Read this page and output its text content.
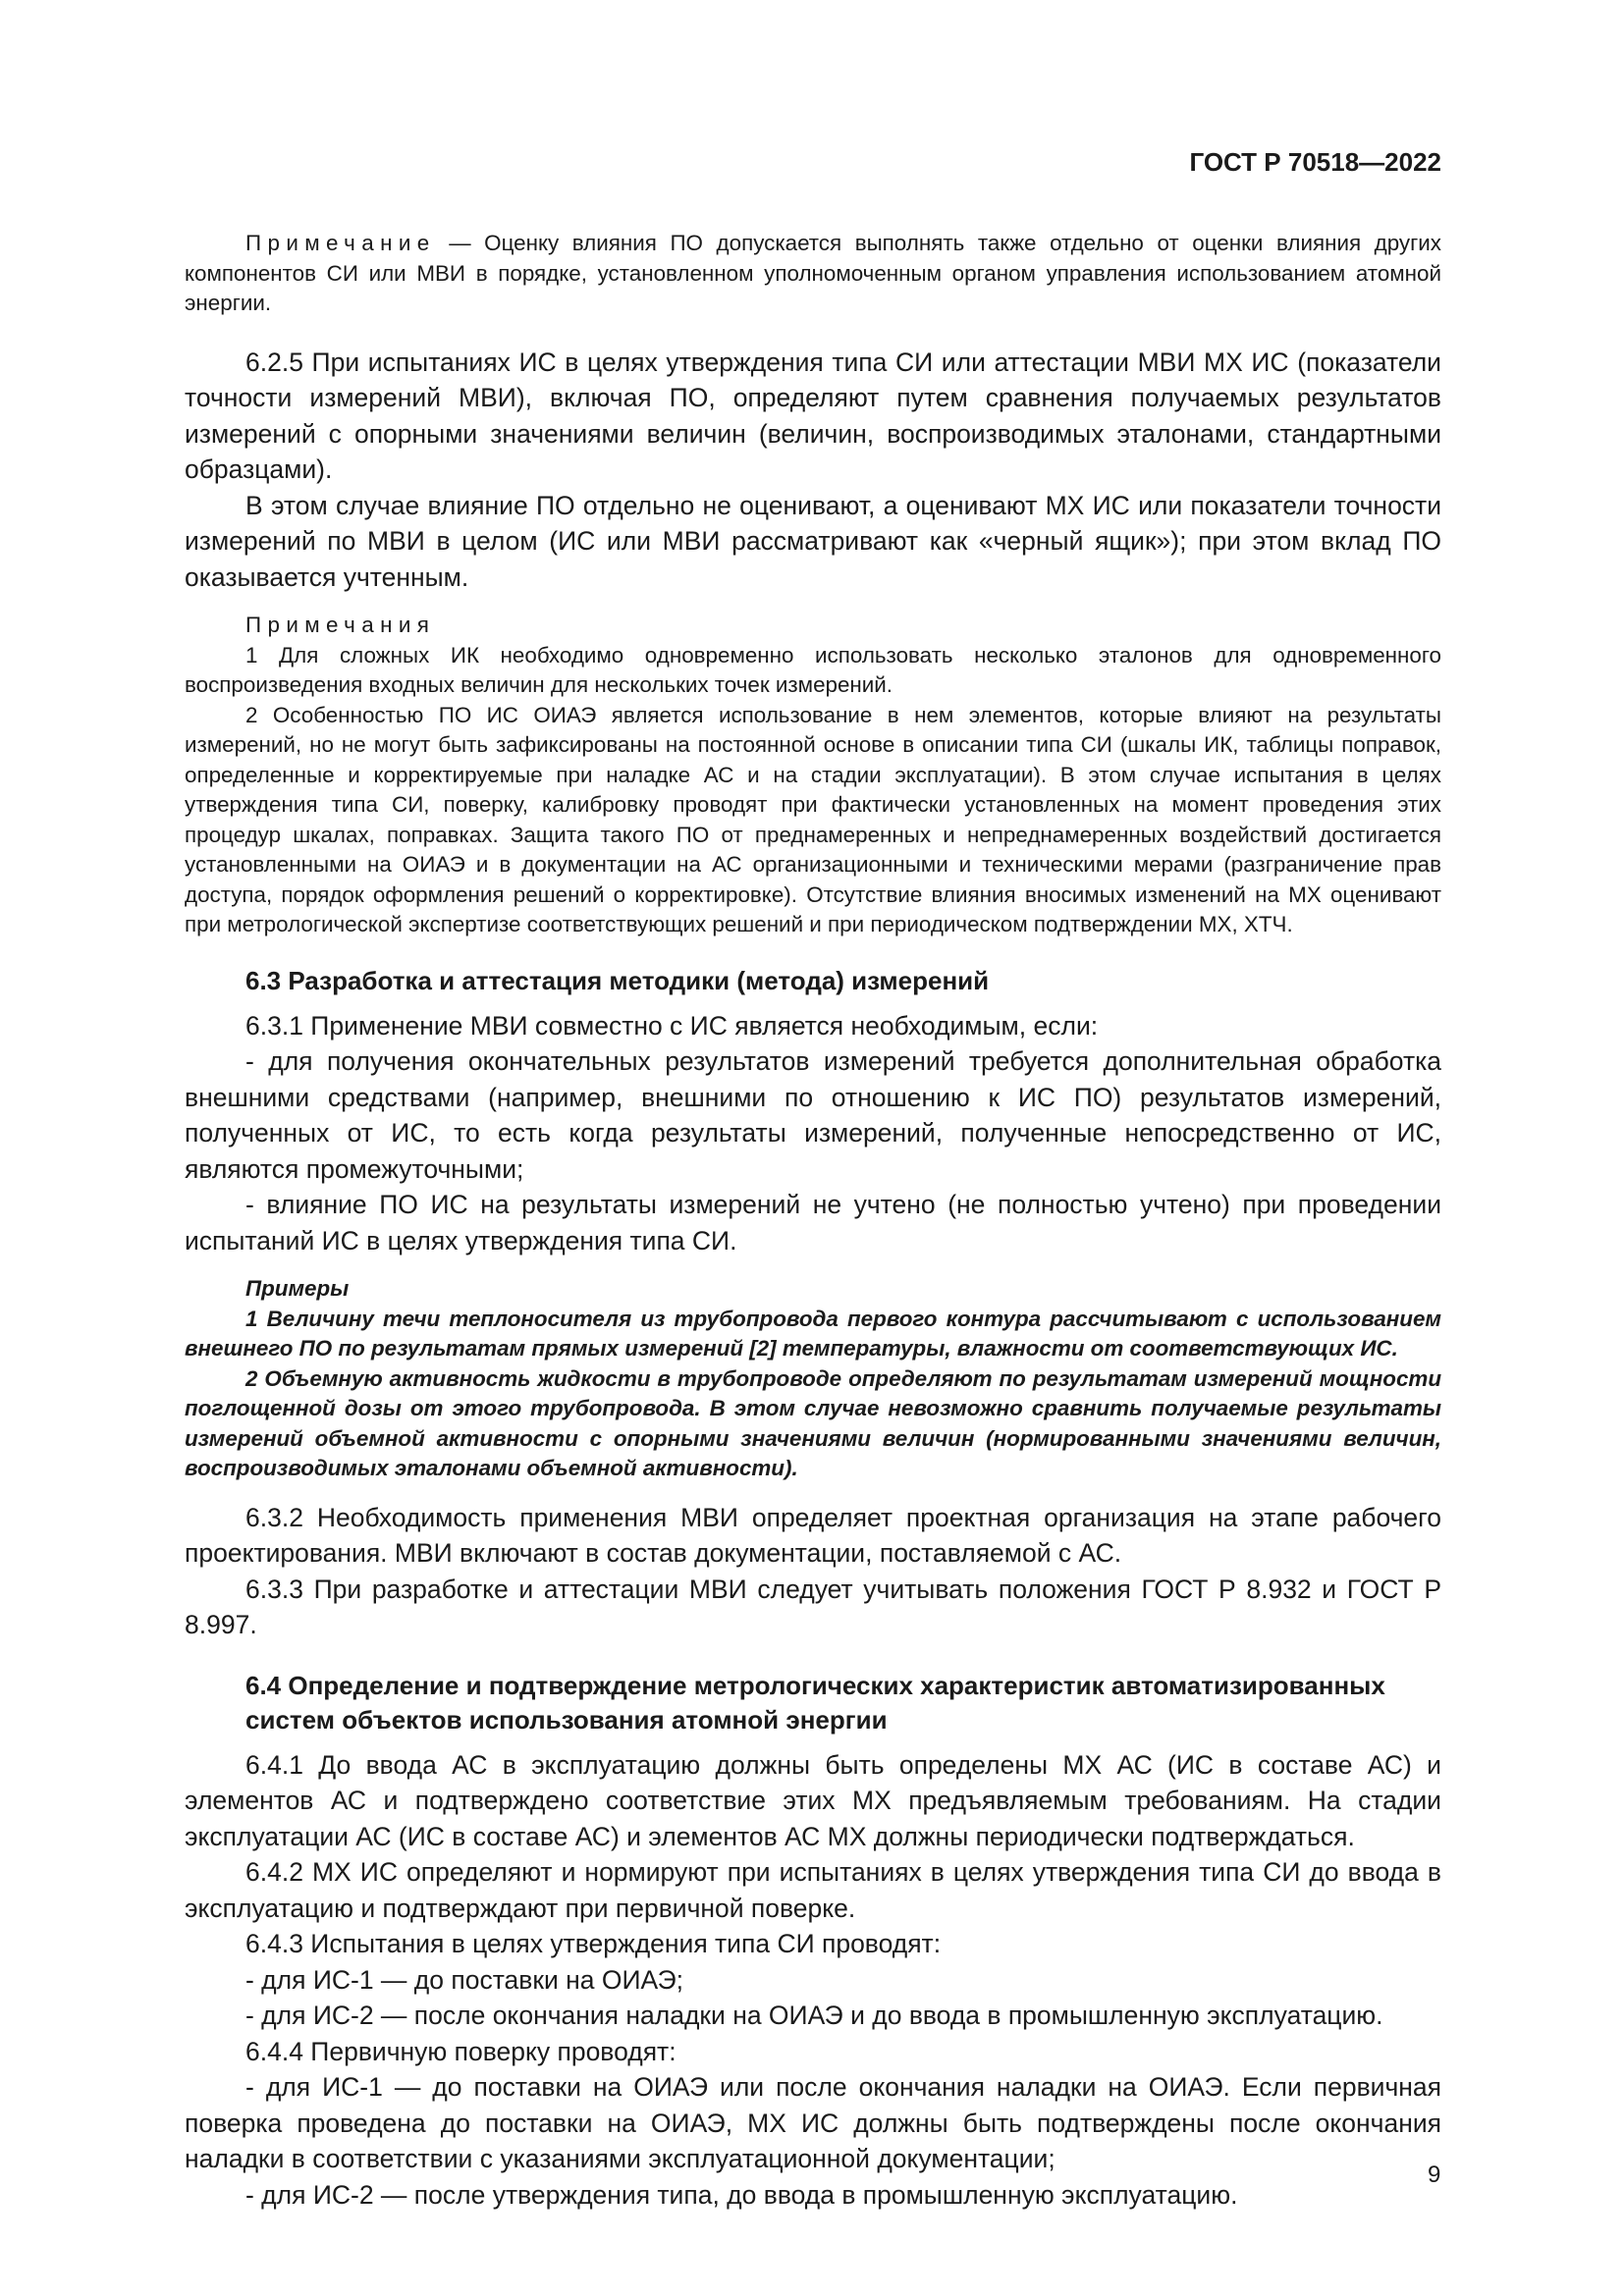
ГОСТ Р 70518—2022

Примечание — Оценку влияния ПО допускается выполнять также отдельно от оценки влияния других компонентов СИ или МВИ в порядке, установленном уполномоченным органом управления использованием атомной энергии.

6.2.5 При испытаниях ИС в целях утверждения типа СИ или аттестации МВИ МХ ИС (показатели точности измерений МВИ), включая ПО, определяют путем сравнения получаемых результатов измерений с опорными значениями величин (величин, воспроизводимых эталонами, стандартными образцами).

В этом случае влияние ПО отдельно не оценивают, а оценивают МХ ИС или показатели точности измерений по МВИ в целом (ИС или МВИ рассматривают как «черный ящик»); при этом вклад ПО оказывается учтенным.

Примечания

1 Для сложных ИК необходимо одновременно использовать несколько эталонов для одновременного воспроизведения входных величин для нескольких точек измерений.

2 Особенностью ПО ИС ОИАЭ является использование в нем элементов, которые влияют на результаты измерений, но не могут быть зафиксированы на постоянной основе в описании типа СИ (шкалы ИК, таблицы поправок, определенные и корректируемые при наладке АС и на стадии эксплуатации). В этом случае испытания в целях утверждения типа СИ, поверку, калибровку проводят при фактически установленных на момент проведения этих процедур шкалах, поправках. Защита такого ПО от преднамеренных и непреднамеренных воздействий достигается установленными на ОИАЭ и в документации на АС организационными и техническими мерами (разграничение прав доступа, порядок оформления решений о корректировке). Отсутствие влияния вносимых изменений на МХ оценивают при метрологической экспертизе соответствующих решений и при периодическом подтверждении МХ, ХТЧ.

6.3 Разработка и аттестация методики (метода) измерений

6.3.1 Применение МВИ совместно с ИС является необходимым, если:

- для получения окончательных результатов измерений требуется дополнительная обработка внешними средствами (например, внешними по отношению к ИС ПО) результатов измерений, полученных от ИС, то есть когда результаты измерений, полученные непосредственно от ИС, являются промежуточными;

- влияние ПО ИС на результаты измерений не учтено (не полностью учтено) при проведении испытаний ИС в целях утверждения типа СИ.

Примеры

1 Величину течи теплоносителя из трубопровода первого контура рассчитывают с использованием внешнего ПО по результатам прямых измерений [2] температуры, влажности от соответствующих ИС.

2 Объемную активность жидкости в трубопроводе определяют по результатам измерений мощности поглощенной дозы от этого трубопровода. В этом случае невозможно сравнить получаемые результаты измерений объемной активности с опорными значениями величин (нормированными значениями величин, воспроизводимых эталонами объемной активности).

6.3.2 Необходимость применения МВИ определяет проектная организация на этапе рабочего проектирования. МВИ включают в состав документации, поставляемой с АС.

6.3.3 При разработке и аттестации МВИ следует учитывать положения ГОСТ Р 8.932 и ГОСТ Р 8.997.

6.4 Определение и подтверждение метрологических характеристик автоматизированных систем объектов использования атомной энергии

6.4.1 До ввода АС в эксплуатацию должны быть определены МХ АС (ИС в составе АС) и элементов АС и подтверждено соответствие этих МХ предъявляемым требованиям. На стадии эксплуатации АС (ИС в составе АС) и элементов АС МХ должны периодически подтверждаться.

6.4.2 МХ ИС определяют и нормируют при испытаниях в целях утверждения типа СИ до ввода в эксплуатацию и подтверждают при первичной поверке.

6.4.3 Испытания в целях утверждения типа СИ проводят:

- для ИС-1 — до поставки на ОИАЭ;

- для ИС-2 — после окончания наладки на ОИАЭ и до ввода в промышленную эксплуатацию.

6.4.4 Первичную поверку проводят:

- для ИС-1 — до поставки на ОИАЭ или после окончания наладки на ОИАЭ. Если первичная поверка проведена до поставки на ОИАЭ, МХ ИС должны быть подтверждены после окончания наладки в соответствии с указаниями эксплуатационной документации;

- для ИС-2 — после утверждения типа, до ввода в промышленную эксплуатацию.

9
